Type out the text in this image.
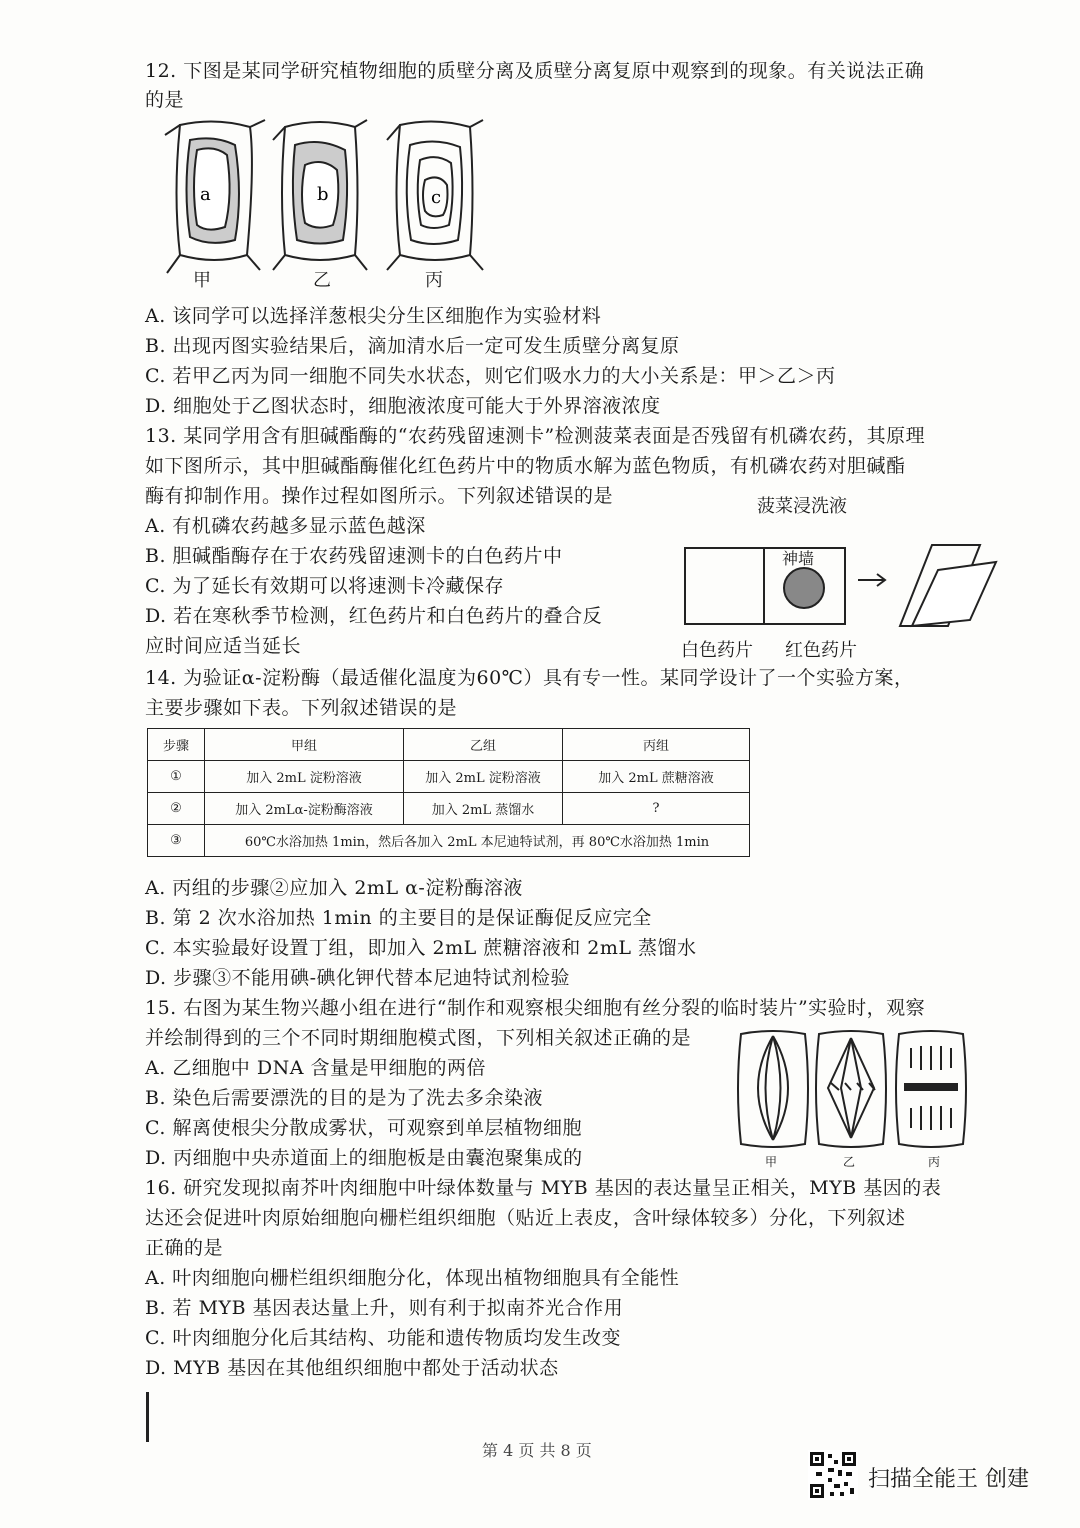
12. 下图是某同学研究植物细胞的质壁分离及质壁分离复原中观察到的现象。有关说法正确
的是
a	b	c
甲	乙	丙
A. 该同学可以选择洋葱根尖分生区细胞作为实验材料
B. 出现丙图实验结果后，滴加清水后一定可发生质壁分离复原
C. 若甲乙丙为同一细胞不同失水状态，则它们吸水力的大小关系是：甲＞乙＞丙
D. 细胞处于乙图状态时，细胞液浓度可能大于外界溶液浓度
13. 某同学用含有胆碱酯酶的“农药残留速测卡”检测菠菜表面是否残留有机磷农药，其原理
如下图所示，其中胆碱酯酶催化红色药片中的物质水解为蓝色物质，有机磷农药对胆碱酯
酶有抑制作用。操作过程如图所示。下列叙述错误的是
A. 有机磷农药越多显示蓝色越深
B. 胆碱酯酶存在于农药残留速测卡的白色药片中
C. 为了延长有效期可以将速测卡冷藏保存
D. 若在寒秋季节检测，红色药片和白色药片的叠合反
应时间应适当延长
菠菜浸洗液
神墙
白色药片 红色药片
14. 为验证α-淀粉酶（最适催化温度为60℃）具有专一性。某同学设计了一个实验方案，
主要步骤如下表。下列叙述错误的是
步骤	甲组	乙组	丙组
①	加入 2mL 淀粉溶液	加入 2mL 淀粉溶液	加入 2mL 蔗糖溶液
②	加入 2mLα-淀粉酶溶液	加入 2mL 蒸馏水	?
③	60℃水浴加热 1min，然后各加入 2mL 本尼迪特试剂，再 80℃水浴加热 1min		
A. 丙组的步骤②应加入 2mL α-淀粉酶溶液
B. 第 2 次水浴加热 1min 的主要目的是保证酶促反应完全
C. 本实验最好设置丁组，即加入 2mL 蔗糖溶液和 2mL 蒸馏水
D. 步骤③不能用碘-碘化钾代替本尼迪特试剂检验
15. 右图为某生物兴趣小组在进行“制作和观察根尖细胞有丝分裂的临时装片”实验时，观察
并绘制得到的三个不同时期细胞模式图，下列相关叙述正确的是
A. 乙细胞中 DNA 含量是甲细胞的两倍
B. 染色后需要漂洗的目的是为了洗去多余染液
C. 解离使根尖分散成雾状，可观察到单层植物细胞
D. 丙细胞中央赤道面上的细胞板是由囊泡聚集成的	甲	乙	丙
16. 研究发现拟南芥叶肉细胞中叶绿体数量与 MYB 基因的表达量呈正相关，MYB 基因的表
达还会促进叶肉原始细胞向栅栏组织细胞（贴近上表皮，含叶绿体较多）分化，下列叙述
正确的是
A. 叶肉细胞向栅栏组织细胞分化，体现出植物细胞具有全能性
B. 若 MYB 基因表达量上升，则有利于拟南芥光合作用
C. 叶肉细胞分化后其结构、功能和遗传物质均发生改变
D. MYB 基因在其他组织细胞中都处于活动状态
第 4 页 共 8 页
扫描全能王 创建
